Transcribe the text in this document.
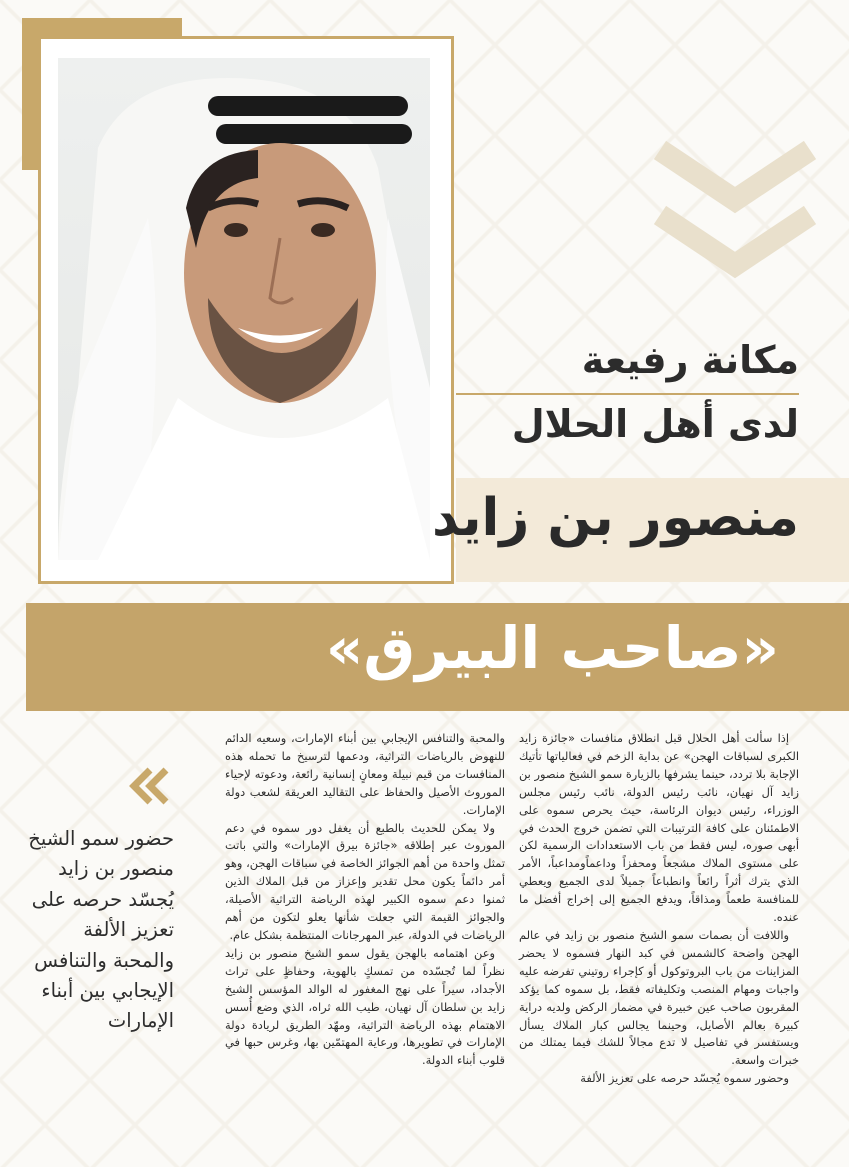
مكانة رفيعة
لدى أهل الحلال
منصور بن زايد
«صاحب البيرق»

إذا سألت أهل الحلال قبل انطلاق منافسات «جائزة زايد الكبرى لسباقات الهجن» عن بداية الزخم في فعالياتها تأتيك الإجابة بلا تردد، حينما يشرفها بالزيارة سمو الشيخ منصور بن زايد آل نهيان، نائب رئيس الدولة، نائب رئيس مجلس الوزراء، رئيس ديوان الرئاسة، حيث يحرص سموه على الاطمئنان على كافة الترتيبات التي تضمن خروج الحدث في أبهى صوره، ليس فقط من باب الاستعدادات الرسمية لكن على مستوى الملاك مشجعاً ومحفزاً وداعماًومداعباً، الأمر الذي يترك أثراً رائعاً وانطباعاً جميلاً لدى الجميع ويعطي للمنافسة طعماً ومذاقاً، ويدفع الجميع إلى إخراج أفضل ما عنده.

واللافت أن بصمات سمو الشيخ منصور بن زايد في عالم الهجن واضحة كالشمس في كبد النهار فسموه لا يحضر المزاينات من باب البروتوكول أو كإجراء روتيني تفرضه عليه واجبات ومهام المنصب وتكليفاته فقط، بل سموه كما يؤكد المقربون صاحب عين خبيرة في مضمار الركض ولديه دراية كبيرة بعالم الأصايل، وحينما يجالس كبار الملاك يسأل ويستفسر في تفاصيل لا تدع مجالاً للشك فيما يمتلك من خبرات واسعة.

وحضور سموه يُجسّد حرصه على تعزيز الألفة

والمحبة والتنافس الإيجابي بين أبناء الإمارات، وسعيه الدائم للنهوض بالرياضات التراثية، ودعمها لترسيخ ما تحمله هذه المنافسات من قيم نبيلة ومعانٍ إنسانية رائعة، ودعوته لإحياء الموروث الأصيل والحفاظ على التقاليد العريقة لشعب دولة الإمارات.

ولا يمكن للحديث بالطبع أن يغفل دور سموه في دعم الموروث عبر إطلاقه «جائزة بيرق الإمارات» والتي باتت تمثل واحدة من أهم الجوائز الخاصة في سباقات الهجن، وهو أمر دائماً يكون محل تقدير وإعزاز من قبل الملاك الذين ثمنوا دعم سموه الكبير لهذه الرياضة التراثية الأصيلة، والجوائز القيمة التي جعلت شأنها يعلو لتكون من أهم الرياضات في الدولة، عبر المهرجانات المنتظمة بشكل عام.

وعن اهتمامه بالهجن يقول سمو الشيخ منصور بن زايد نظراً لما تُجسّده من تمسكٍ بالهوية، وحفاظٍ على تراث الأجداد، سيراً على نهج المغفور له الوالد المؤسس الشيخ زايد بن سلطان آل نهيان، طيب الله ثراه، الذي وضع أُسس الاهتمام بهذه الرياضة التراثية، ومهّد الطريق لريادة دولة الإمارات في تطويرها، ورعاية المهتمّين بها، وغرس حبها في قلوب أبناء الدولة.

حضور سمو الشيخ منصور بن زايد يُجسّد حرصه على تعزيز الألفة والمحبة والتنافس الإيجابي بين أبناء الإمارات
